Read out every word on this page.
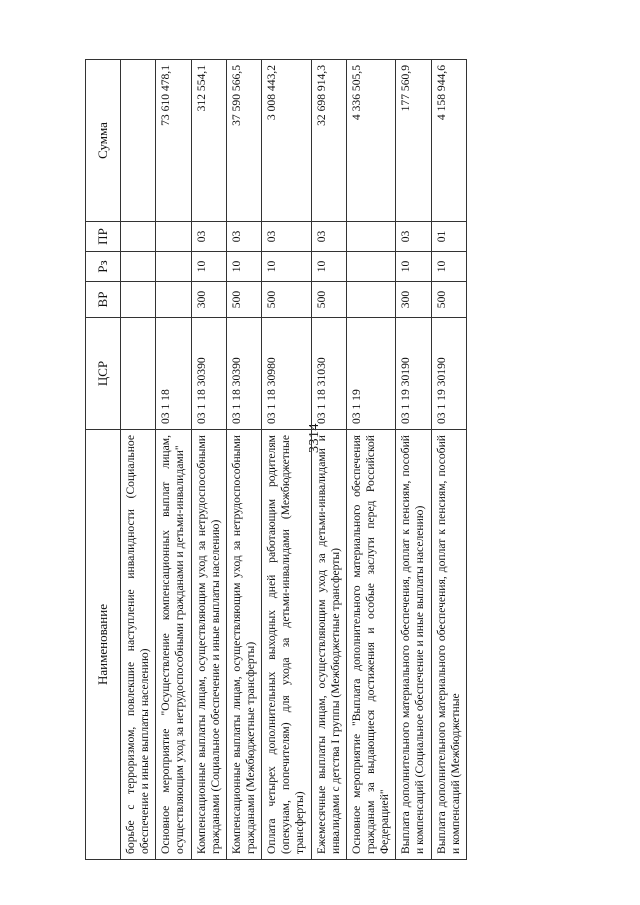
3314
Наименование	ЦСР	ВР	Рз	ПР	Сумма
борьбе с терроризмом, повлекшие наступление инвалидности (Социальное обеспечение и иные выплаты населению)					
Основное мероприятие "Осуществление компенсационных выплат лицам, осуществляющим уход за нетрудоспособными гражданами и детьми-инвалидами"	03 1 18				73 610 478,1
Компенсационные выплаты лицам, осуществляющим уход за нетрудоспособными гражданами (Социальное обеспечение и иные выплаты населению)	03 1 18 30390	300	10	03	312 554,1
Компенсационные выплаты лицам, осуществляющим уход за нетрудоспособными гражданами (Межбюджетные трансферты)	03 1 18 30390	500	10	03	37 590 566,5
Оплата четырех дополнительных выходных дней работающим родителям (опекунам, попечителям) для ухода за детьми-инвалидами (Межбюджетные трансферты)	03 1 18 30980	500	10	03	3 008 443,2
Ежемесячные выплаты лицам, осуществляющим уход за детьми-инвалидами и инвалидами с детства I группы (Межбюджетные трансферты)	03 1 18 31030	500	10	03	32 698 914,3
Основное мероприятие "Выплата дополнительного материального обеспечения гражданам за выдающиеся достижения и особые заслуги перед Российской Федерацией"	03 1 19				4 336 505,5
Выплата дополнительного материального обеспечения, доплат к пенсиям, пособий и компенсаций (Социальное обеспечение и иные выплаты населению)	03 1 19 30190	300	10	03	177 560,9
Выплата дополнительного материального обеспечения, доплат к пенсиям, пособий и компенсаций (Межбюджетные	03 1 19 30190	500	10	01	4 158 944,6
